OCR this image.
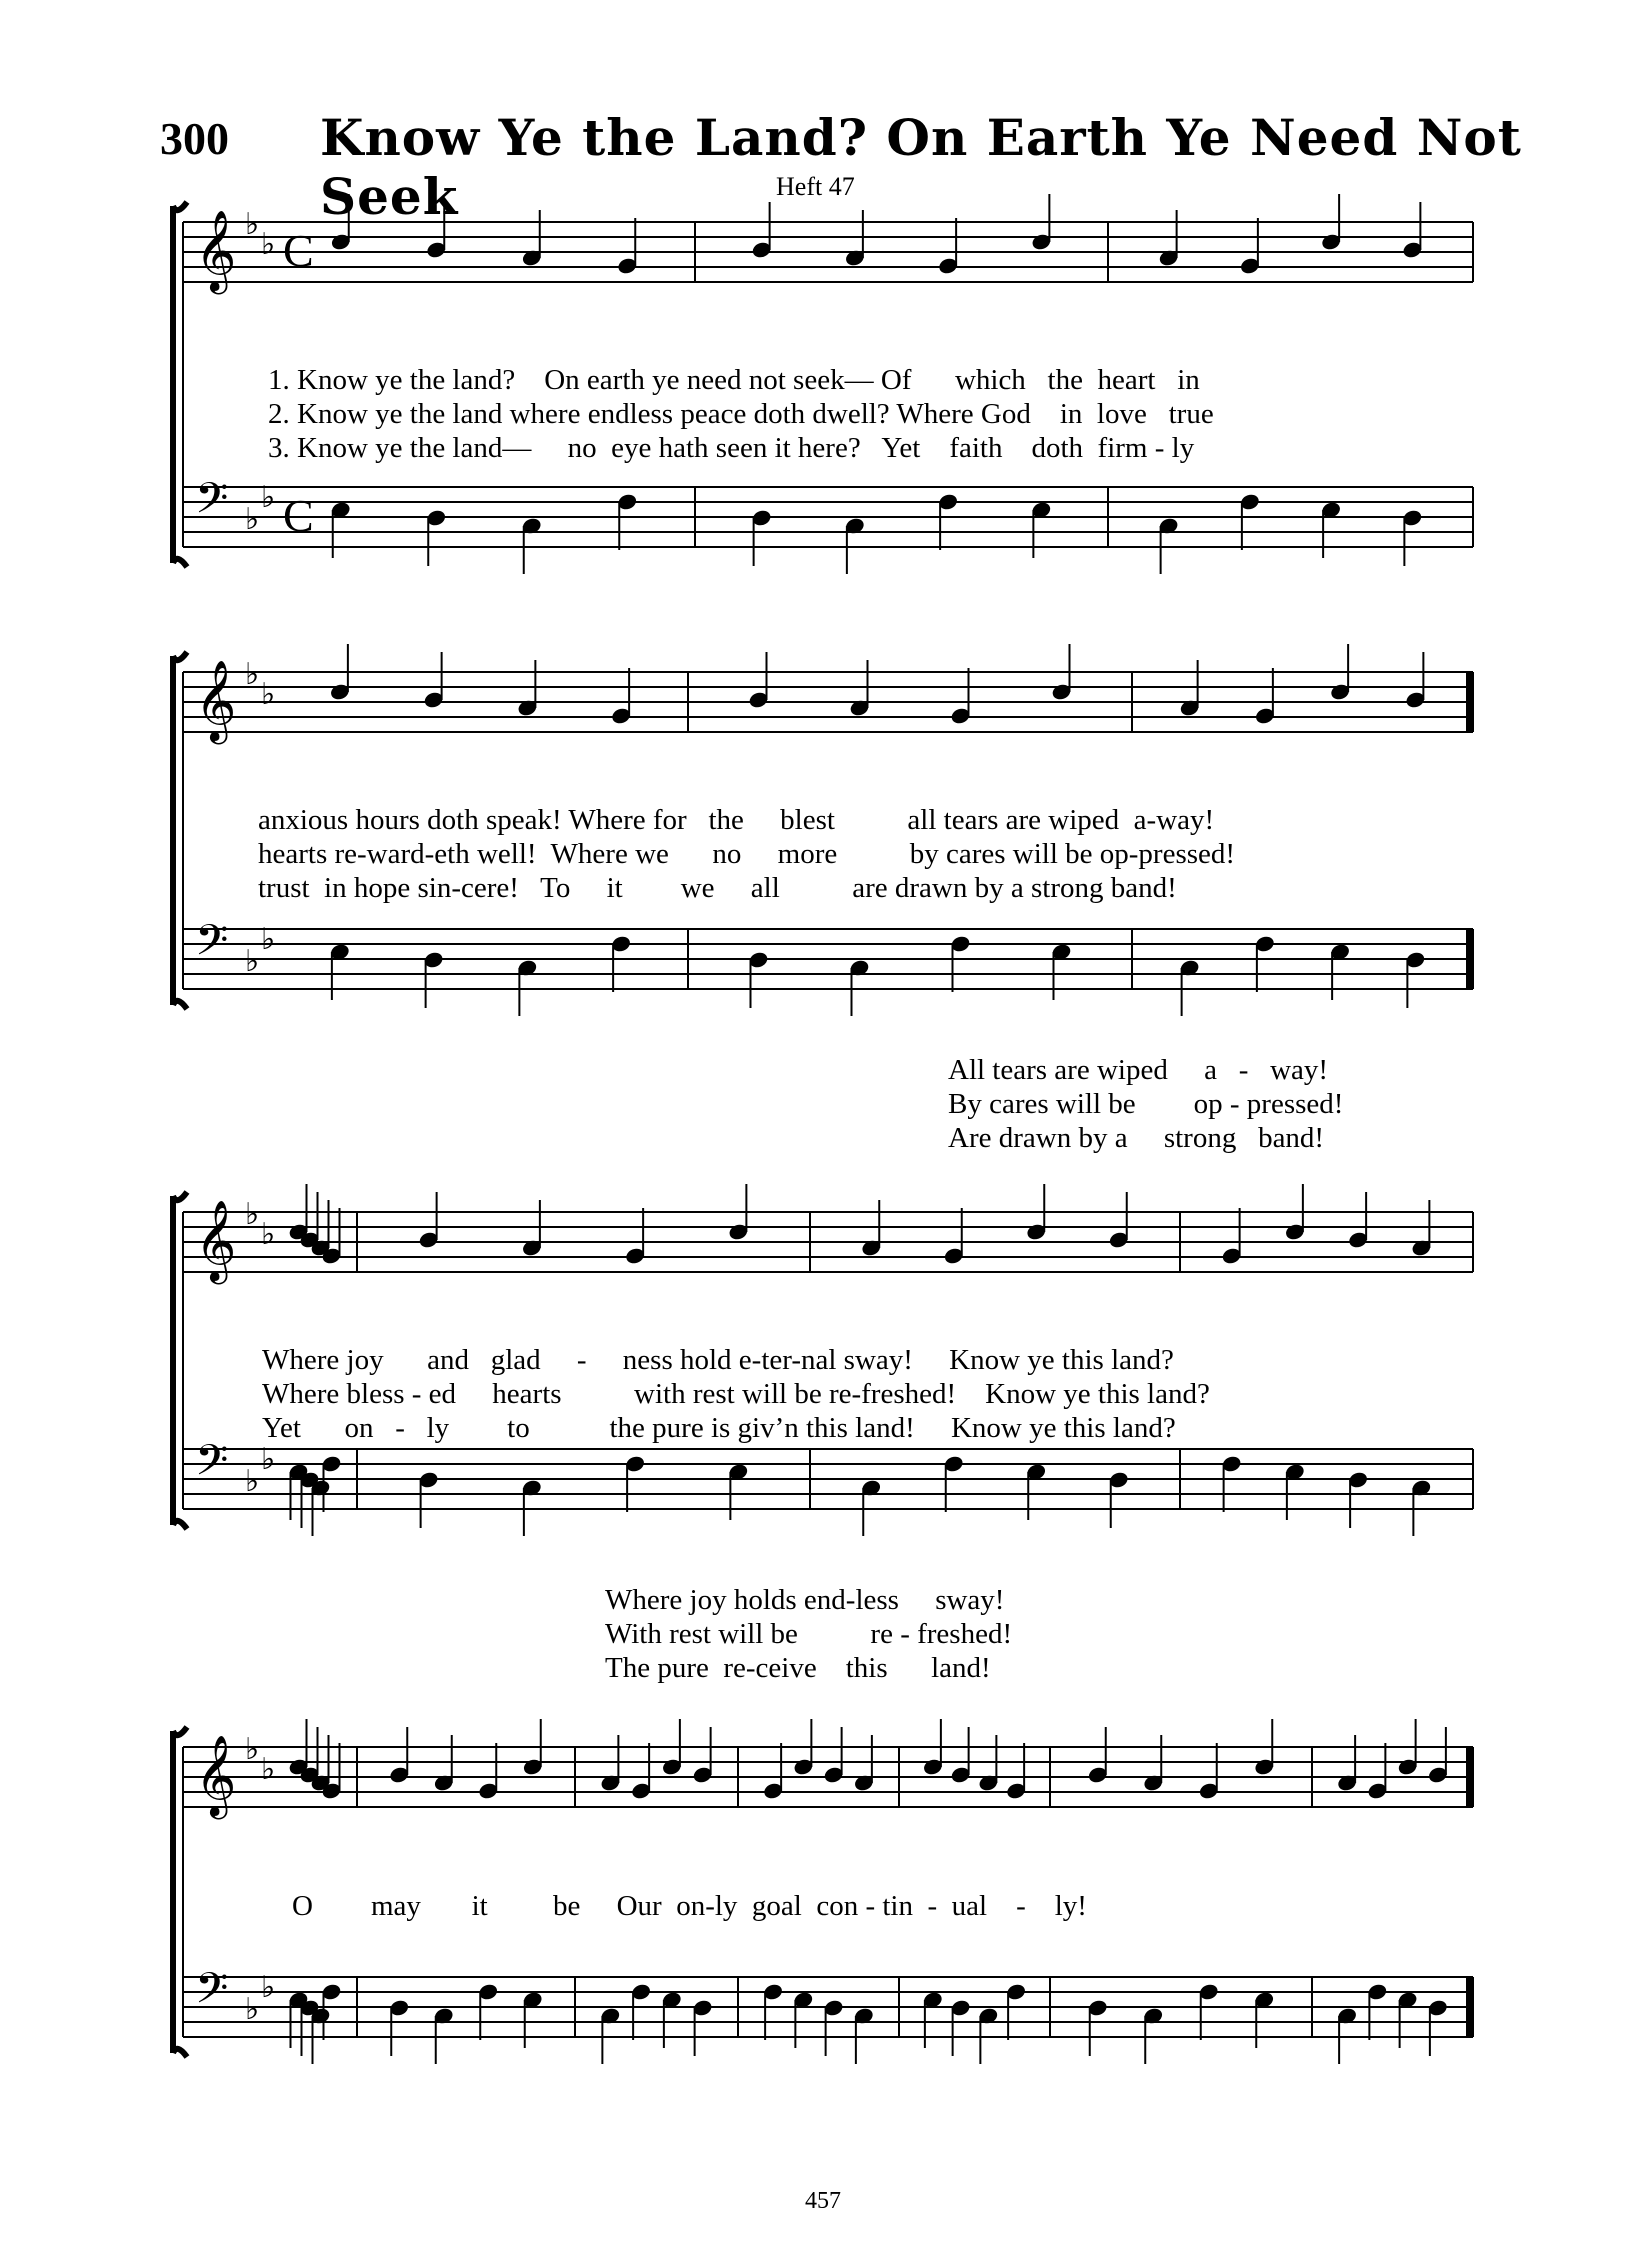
300 Know Ye the Land? On Earth Ye Need Not Seek	Heft 47
𝄞 ♭
♭
𝄢 ♭
♭
C
C
𝄞 ♭
♭
𝄢 ♭
♭
𝄞 ♭
♭
𝄢 ♭
♭
𝄞 ♭
♭
𝄢 ♭
♭
1. Know ye the land?    On earth ye need not seek— Of      which   the  heart   in
2. Know ye the land where endless peace doth dwell? Where God    in  love   true
3. Know ye the land—     no  eye hath seen it here?   Yet    faith    doth  firm - ly
anxious hours doth speak! Where for   the     blest          all tears are wiped  a-way!
hearts re-ward-eth well!  Where we      no     more          by cares will be op-pressed!
trust  in hope sin-cere!   To     it        we     all          are drawn by a strong band!
All tears are wiped     a   -   way!
By cares will be        op - pressed!
Are drawn by a     strong   band!
Where joy      and   glad     -     ness hold e-ter-nal sway!     Know ye this land?
Where bless - ed     hearts          with rest will be re-freshed!    Know ye this land?
Yet      on   -   ly        to           the pure is giv’n this land!     Know ye this land?
Where joy holds end-less     sway!
With rest will be          re - freshed!
The pure  re-ceive    this      land!
O        may       it         be     Our  on-ly  goal  con - tin  -  ual    -    ly!
457
